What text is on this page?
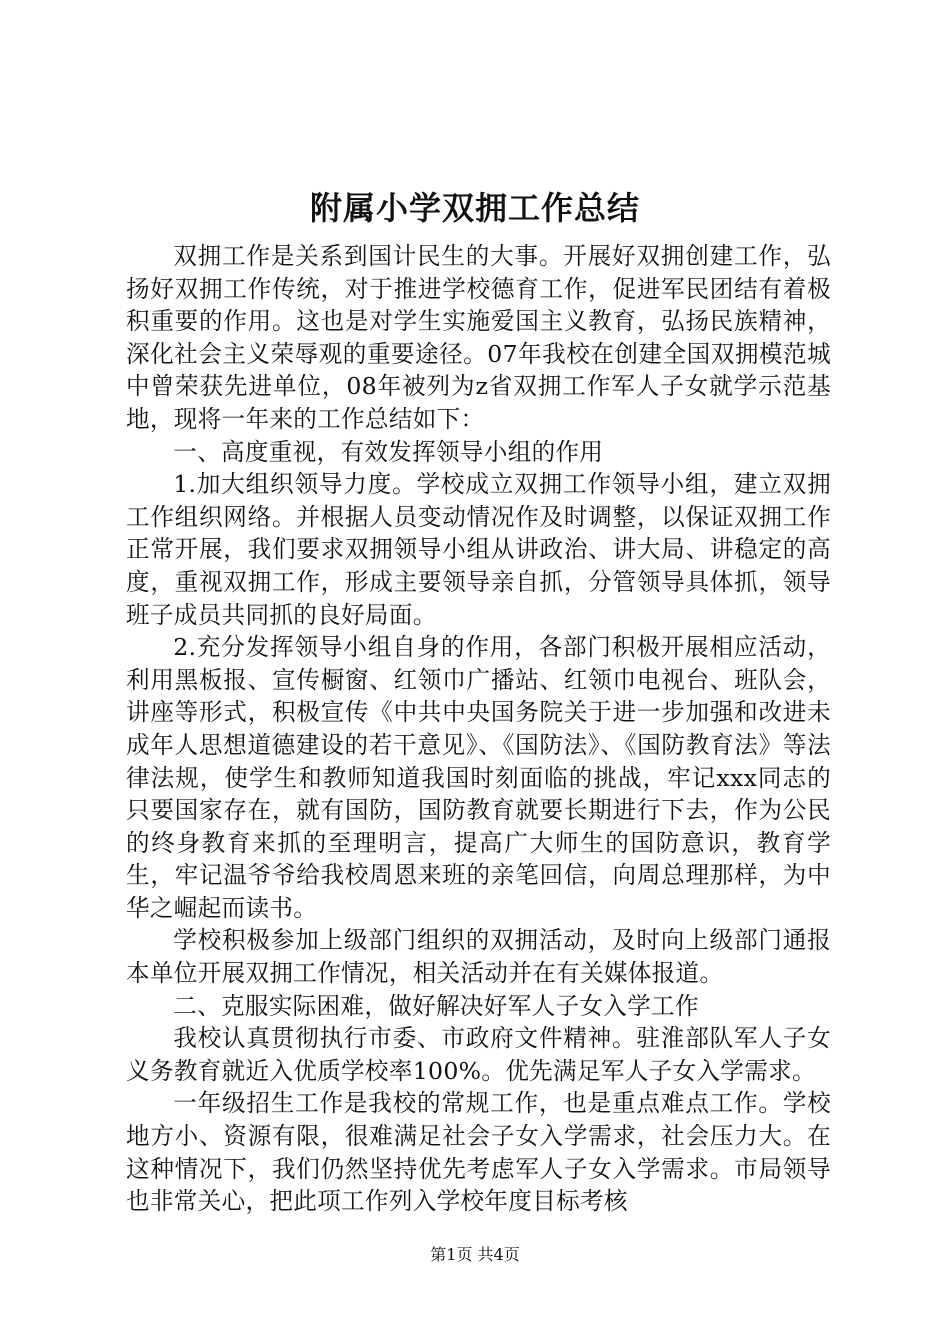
附属小学双拥工作总结

双拥工作是关系到国计民生的大事。开展好双拥创建工作，弘扬好双拥工作传统，对于推进学校德育工作，促进军民团结有着极积重要的作用。这也是对学生实施爱国主义教育，弘扬民族精神，深化社会主义荣辱观的重要途径。07年我校在创建全国双拥模范城中曾荣获先进单位，08年被列为z省双拥工作军人子女就学示范基地，现将一年来的工作总结如下：

一、高度重视，有效发挥领导小组的作用

1.加大组织领导力度。学校成立双拥工作领导小组，建立双拥工作组织网络。并根据人员变动情况作及时调整，以保证双拥工作正常开展，我们要求双拥领导小组从讲政治、讲大局、讲稳定的高度，重视双拥工作，形成主要领导亲自抓，分管领导具体抓，领导班子成员共同抓的良好局面。

2.充分发挥领导小组自身的作用，各部门积极开展相应活动，利用黑板报、宣传橱窗、红领巾广播站、红领巾电视台、班队会，讲座等形式，积极宣传《中共中央国务院关于进一步加强和改进未成年人思想道德建设的若干意见》、《国防法》、《国防教育法》等法律法规，使学生和教师知道我国时刻面临的挑战，牢记xxx同志的只要国家存在，就有国防，国防教育就要长期进行下去，作为公民的终身教育来抓的至理明言，提高广大师生的国防意识，教育学生，牢记温爷爷给我校周恩来班的亲笔回信，向周总理那样，为中华之崛起而读书。

学校积极参加上级部门组织的双拥活动，及时向上级部门通报本单位开展双拥工作情况，相关活动并在有关媒体报道。

二、克服实际困难，做好解决好军人子女入学工作

我校认真贯彻执行市委、市政府文件精神。驻淮部队军人子女义务教育就近入优质学校率100%。优先满足军人子女入学需求。

一年级招生工作是我校的常规工作，也是重点难点工作。学校地方小、资源有限，很难满足社会子女入学需求，社会压力大。在这种情况下，我们仍然坚持优先考虑军人子女入学需求。市局领导也非常关心，把此项工作列入学校年度目标考核

第1页 共4页
